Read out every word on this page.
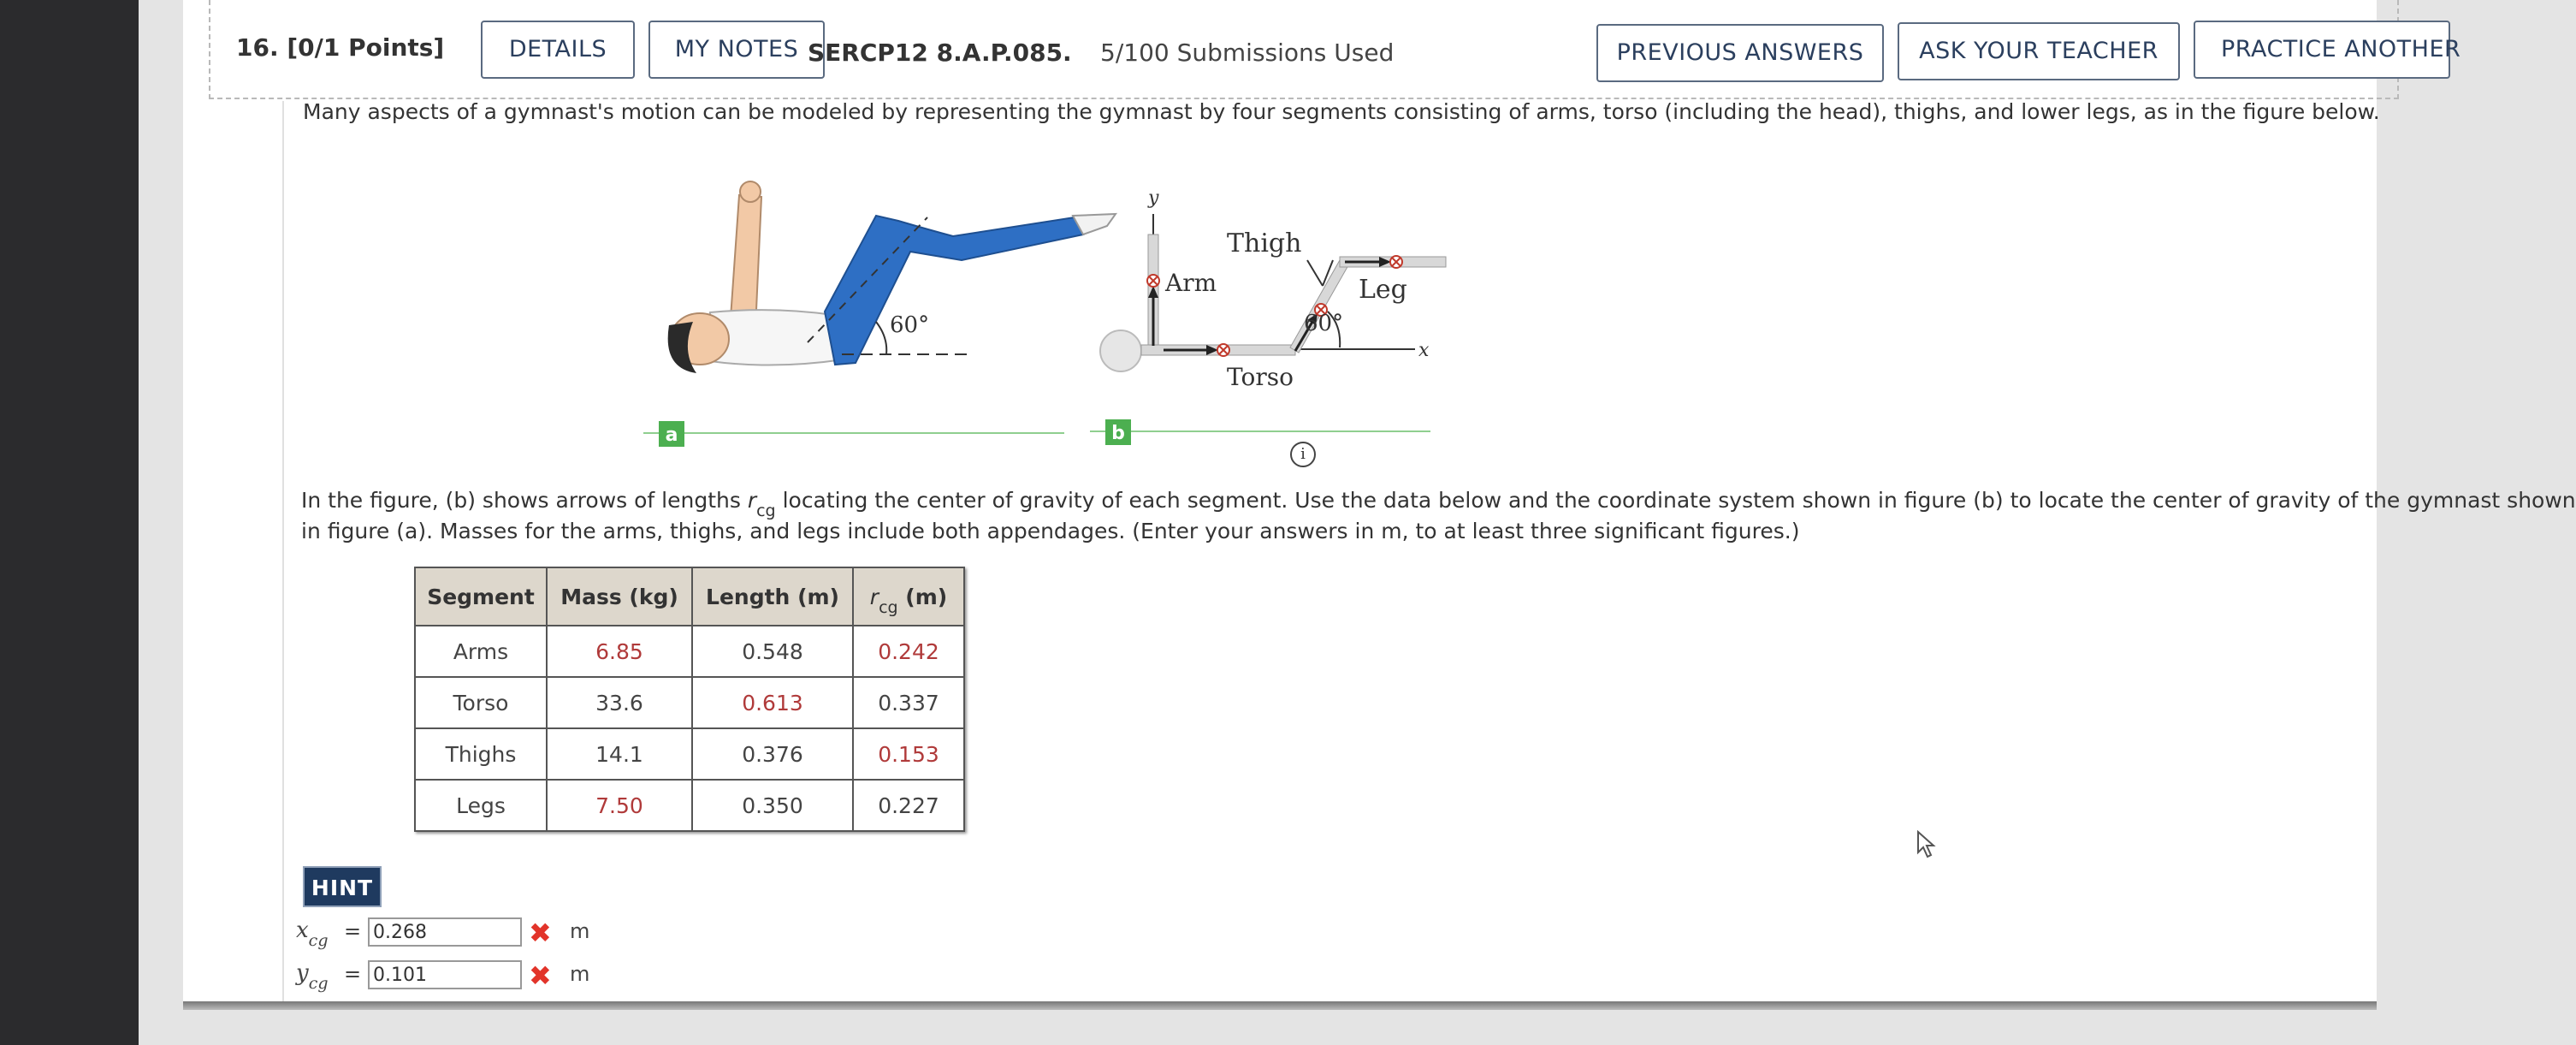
16. [0/1 Points]	DETAILS	MY NOTES SERCP12 8.A.P.085. 5/100 Submissions Used	PREVIOUS ANSWERS	ASK YOUR TEACHER	PRACTICE ANOTHER
Many aspects of a gymnast's motion can be modeled by representing the gymnast by four segments consisting of arms, torso (including the head), thighs, and lower legs, as in the figure below.
60°
a
y
x
Arm
Torso
Thigh
Leg
60°
b
i
In the figure, (b) shows arrows of lengths $r_{cg}$ locating the center of gravity of each segment. Use the data below and the coordinate system shown in figure (b) to locate the center of gravity of the gymnast shown
in figure (a). Masses for the arms, thighs, and legs include both appendages. (Enter your answers in m, to at least three significant figures.)
Segment	Mass (kg)	Length (m)	$r_{cg}$ (m)
Arms	6.85	0.548	0.242
Torso	33.6	0.613	0.337
Thighs	14.1	0.376	0.153
Legs	7.50	0.350	0.227
HINT
$x_{cg}$ =
0.268	✖ m
$y_{cg}$ =
0.101	✖ m
